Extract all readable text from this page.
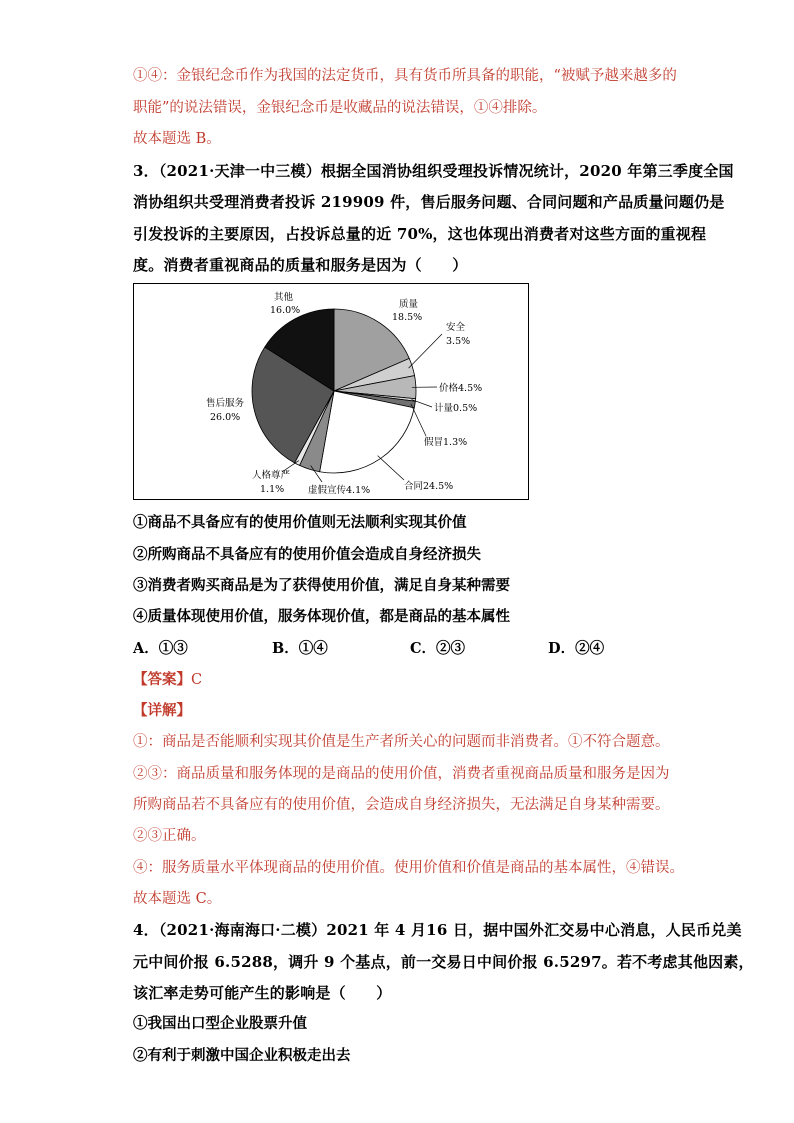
①④：金银纪念币作为我国的法定货币，具有货币所具备的职能，“被赋予越来越多的
职能”的说法错误，金银纪念币是收藏品的说法错误，①④排除。
故本题选 B。
3．（2021·天津一中三模）根据全国消协组织受理投诉情况统计，2020 年第三季度全国
消协组织共受理消费者投诉 219909 件，售后服务问题、合同问题和产品质量问题仍是
引发投诉的主要原因，占投诉总量的近 70%，这也体现出消费者对这些方面的重视程
度。消费者重视商品的质量和服务是因为（　　）
质量
18.5%
安全
3.5%
价格4.5%
计量0.5%
假冒1.3%
合同24.5%
虚假宣传4.1%
人格尊严
1.1%
售后服务
26.0%
其他
16.0%
①商品不具备应有的使用价值则无法顺利实现其价值
②所购商品不具备应有的使用价值会造成自身经济损失
③消费者购买商品是为了获得使用价值，满足自身某种需要
④质量体现使用价值，服务体现价值，都是商品的基本属性
A．①③	B．①④	C．②③	D．②④
【答案】C
【详解】
①：商品是否能顺利实现其价值是生产者所关心的问题而非消费者。①不符合题意。
②③：商品质量和服务体现的是商品的使用价值，消费者重视商品质量和服务是因为
所购商品若不具备应有的使用价值，会造成自身经济损失，无法满足自身某种需要。
②③正确。
④：服务质量水平体现商品的使用价值。使用价值和价值是商品的基本属性，④错误。
故本题选 C。
4．（2021·海南海口·二模）2021 年 4 月16 日，据中国外汇交易中心消息，人民币兑美
元中间价报 6.5288，调升 9 个基点，前一交易日中间价报 6.5297。若不考虑其他因素，
该汇率走势可能产生的影响是（　　）
①我国出口型企业股票升值
②有利于刺激中国企业积极走出去
